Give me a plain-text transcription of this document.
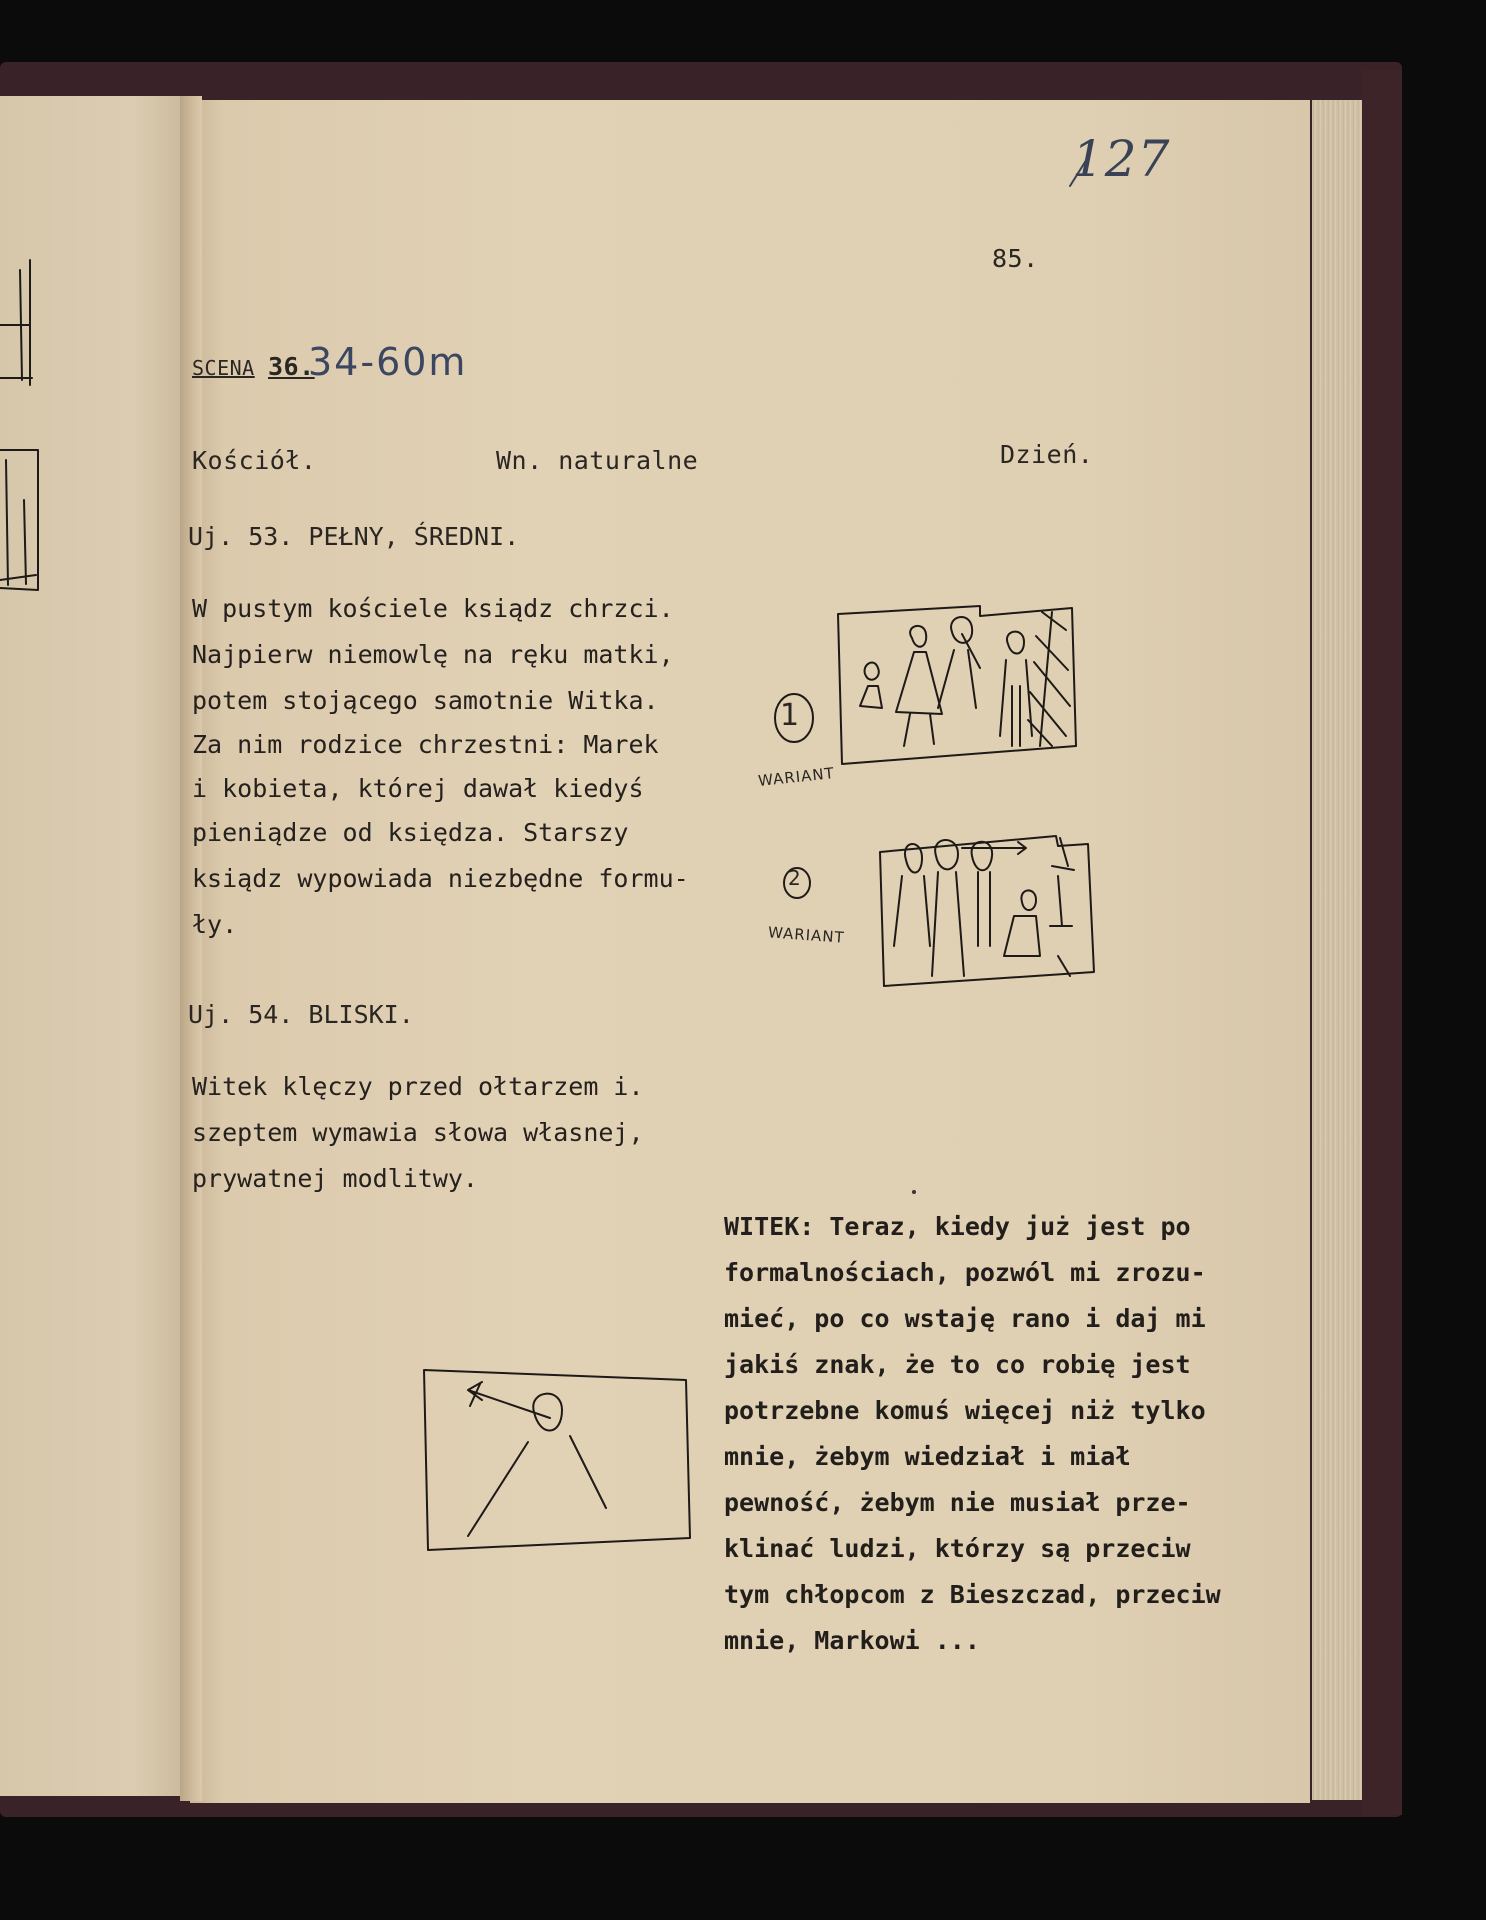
127
85.
SCENA 36.
34-60m
Kościół.	Wn. naturalne	Dzień.
Uj. 53. PEŁNY, ŚREDNI.
W pustym kościele ksiądz chrzci.
Najpierw niemowlę na ręku matki,
potem stojącego samotnie Witka.
Za nim rodzice chrzestni: Marek
i kobieta, której dawał kiedyś
pieniądze od księdza. Starszy
ksiądz wypowiada niezbędne formu-
ły.
Uj. 54. BLISKI.
Witek klęczy przed ołtarzem i.
szeptem wymawia słowa własnej,
prywatnej modlitwy.
1
WARIANT
2
WARIANT
WITEK: Teraz, kiedy już jest po
formalnościach, pozwól mi zrozu-
mieć, po co wstaję rano i daj mi
jakiś znak, że to co robię jest
potrzebne komuś więcej niż tylko
mnie, żebym wiedział i miał
pewność, żebym nie musiał prze-
klinać ludzi, którzy są przeciw
tym chłopcom z Bieszczad, przeciw
mnie, Markowi ...
